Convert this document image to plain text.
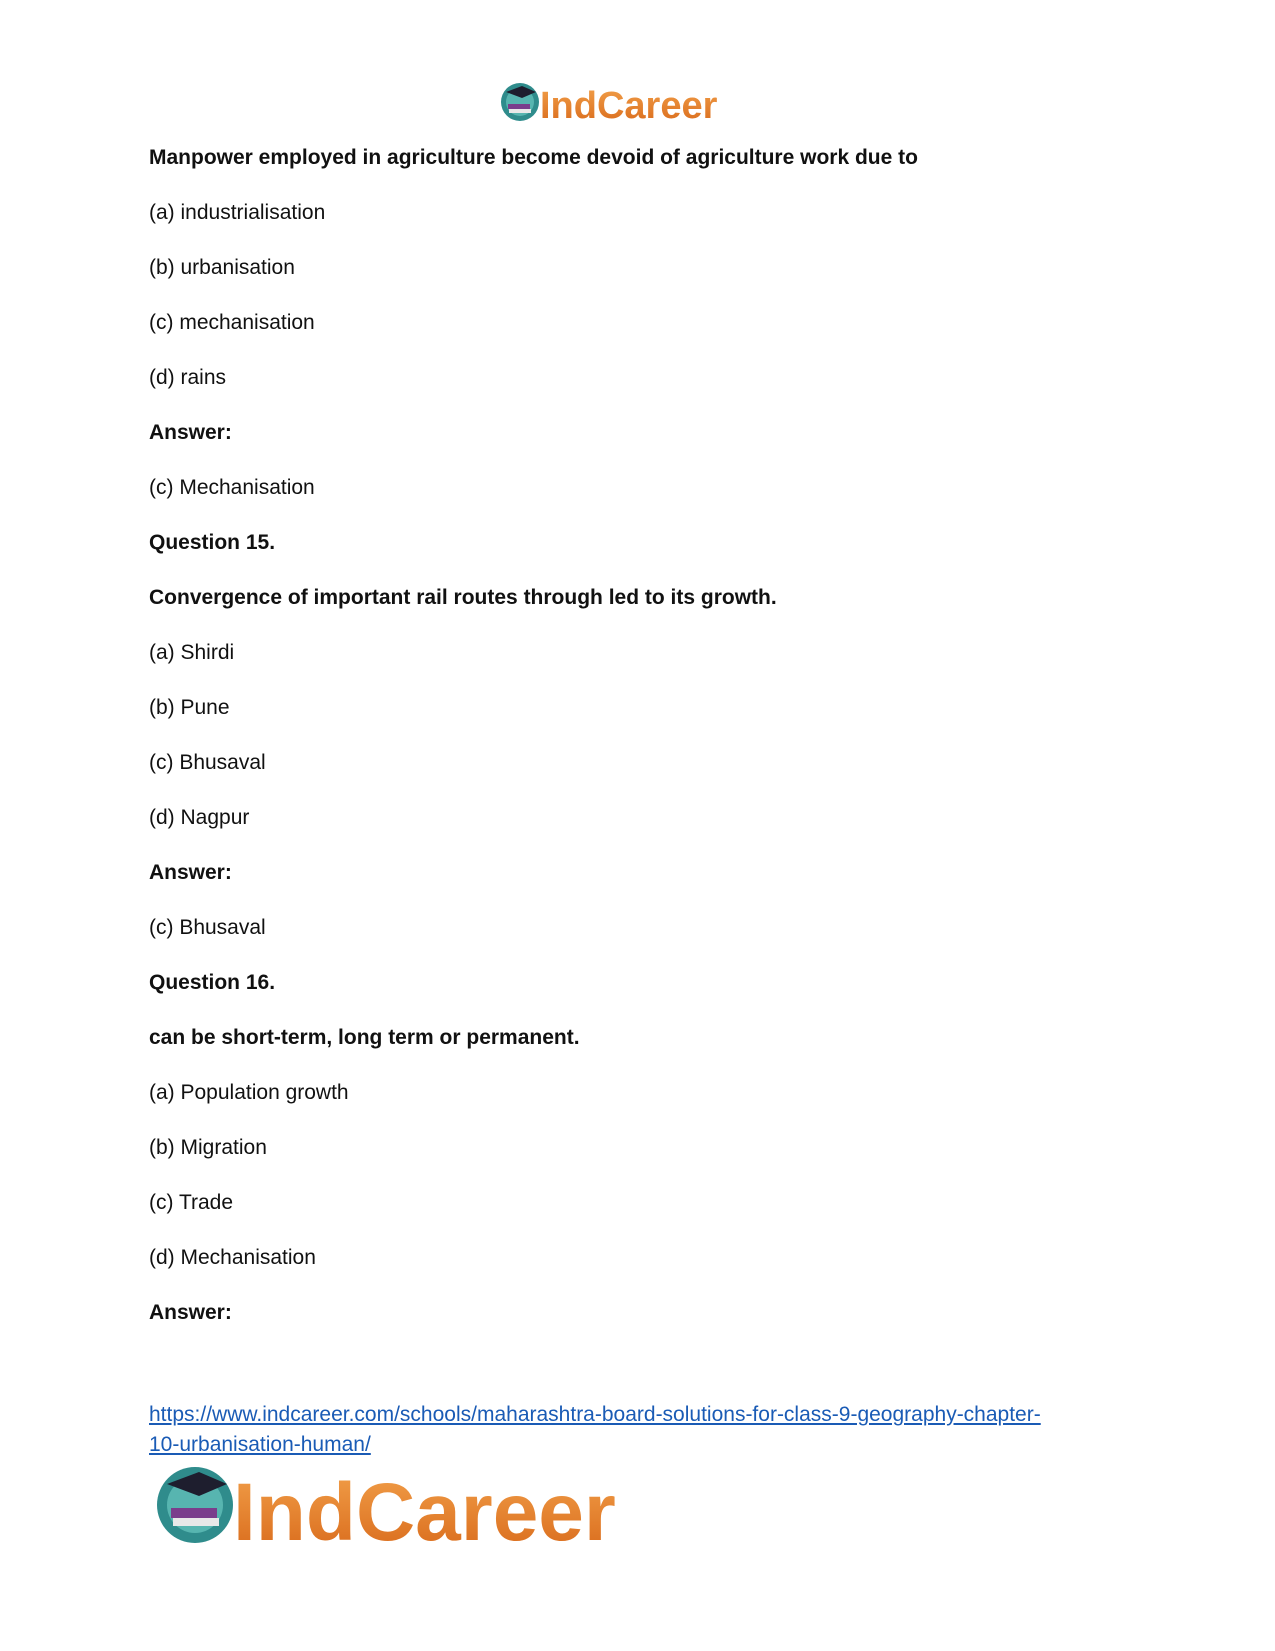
IndCareer

Manpower employed in agriculture become devoid of agriculture work due to

(a) industrialisation

(b) urbanisation

(c) mechanisation

(d) rains

Answer:

(c) Mechanisation

Question 15.

Convergence of important rail routes through led to its growth.

(a) Shirdi

(b) Pune

(c) Bhusaval

(d) Nagpur

Answer:

(c) Bhusaval

Question 16.

can be short-term, long term or permanent.

(a) Population growth

(b) Migration

(c) Trade

(d) Mechanisation

Answer:

https://www.indcareer.com/schools/maharashtra-board-solutions-for-class-9-geography-chapter-
10-urbanisation-human/
IndCareer
